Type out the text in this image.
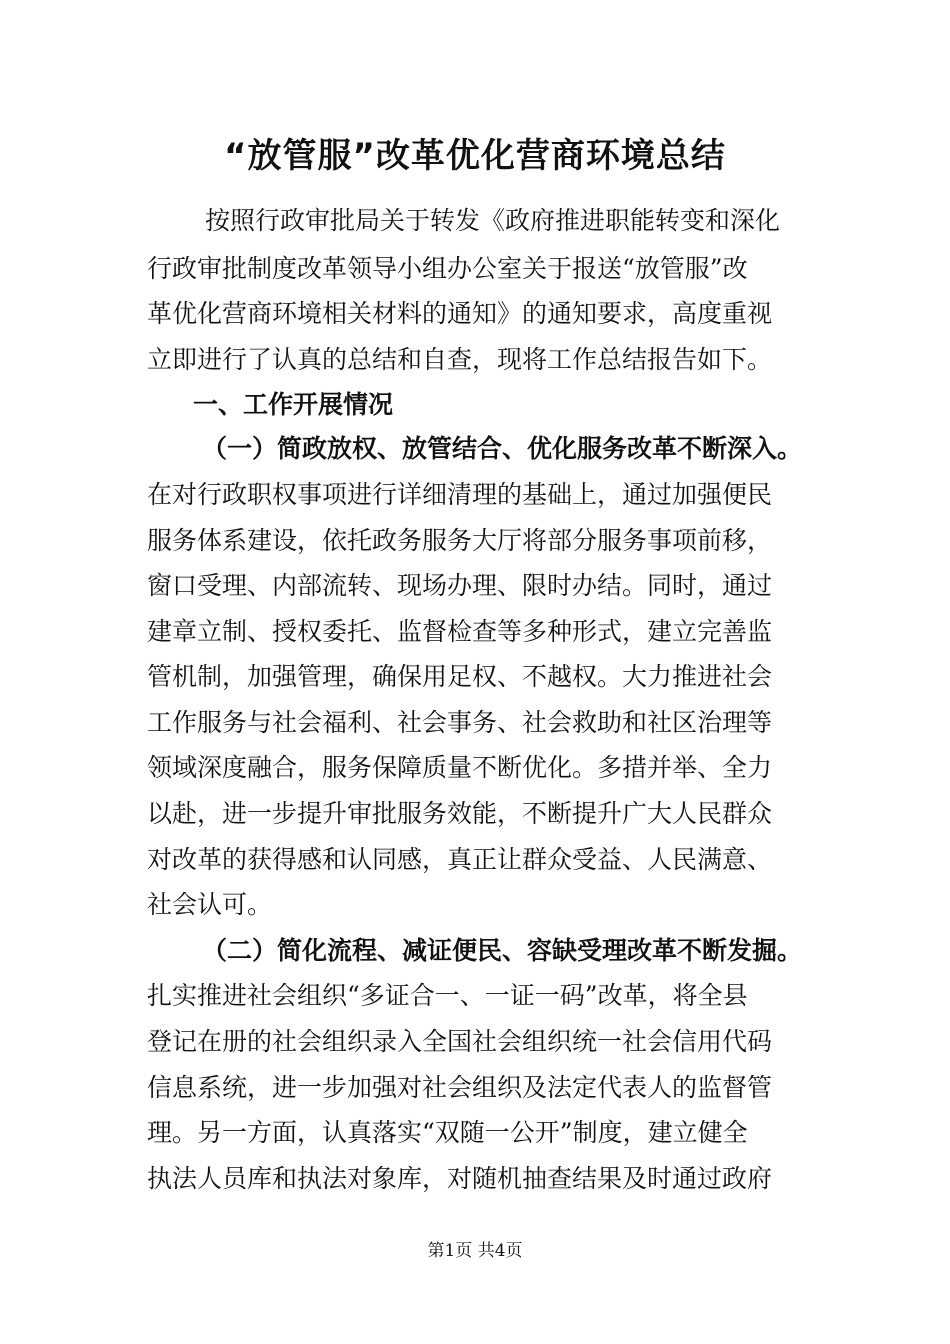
“放管服”改革优化营商环境总结
按照行政审批局关于转发《政府推进职能转变和深化
行政审批制度改革领导小组办公室关于报送“放管服”改
革优化营商环境相关材料的通知》的通知要求，高度重视
立即进行了认真的总结和自查，现将工作总结报告如下。
一、工作开展情况
（一）简政放权、放管结合、优化服务改革不断深入。
在对行政职权事项进行详细清理的基础上，通过加强便民
服务体系建设，依托政务服务大厅将部分服务事项前移，
窗口受理、内部流转、现场办理、限时办结。同时，通过
建章立制、授权委托、监督检查等多种形式，建立完善监
管机制，加强管理，确保用足权、不越权。大力推进社会
工作服务与社会福利、社会事务、社会救助和社区治理等
领域深度融合，服务保障质量不断优化。多措并举、全力
以赴，进一步提升审批服务效能，不断提升广大人民群众
对改革的获得感和认同感，真正让群众受益、人民满意、
社会认可。
（二）简化流程、减证便民、容缺受理改革不断发掘。
扎实推进社会组织“多证合一、一证一码”改革，将全县
登记在册的社会组织录入全国社会组织统一社会信用代码
信息系统，进一步加强对社会组织及法定代表人的监督管
理。另一方面，认真落实“双随一公开”制度，建立健全
执法人员库和执法对象库，对随机抽查结果及时通过政府
第1页 共4页
